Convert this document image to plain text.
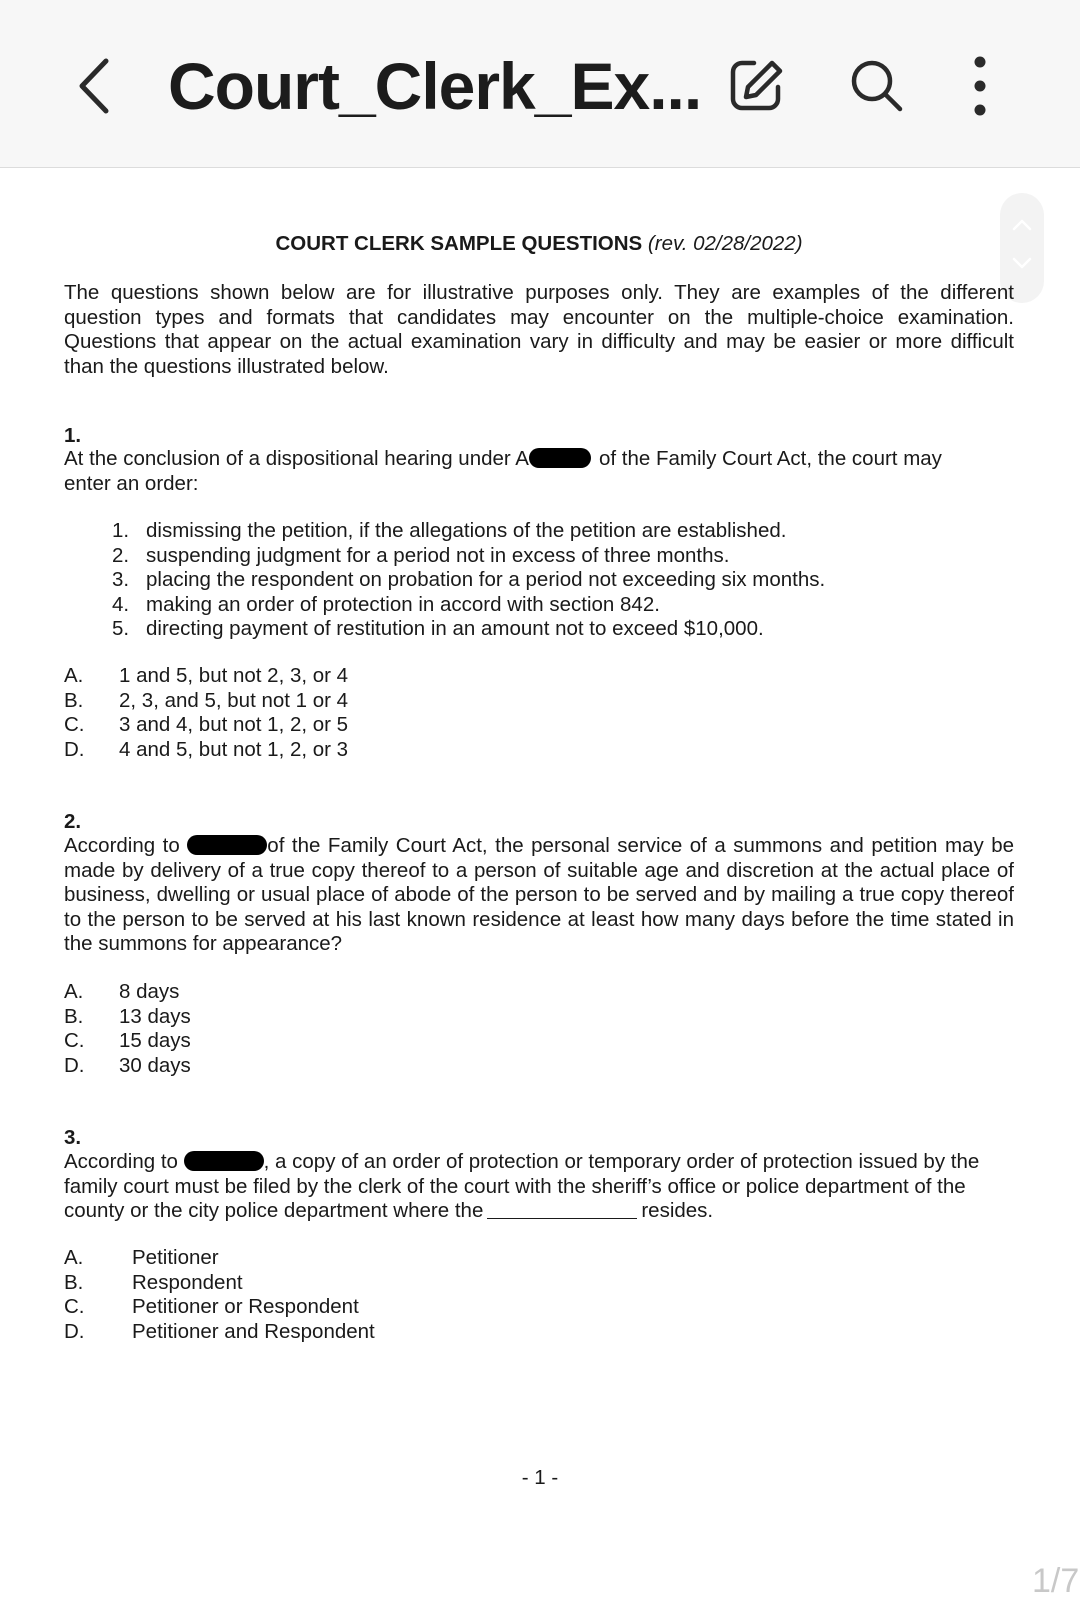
Court_Clerk_Ex...
COURT CLERK SAMPLE QUESTIONS (rev. 02/28/2022)
The questions shown below are for illustrative purposes only. They are examples of the different question types and formats that candidates may encounter on the multiple-choice examination. Questions that appear on the actual examination vary in difficulty and may be easier or more difficult than the questions illustrated below.
1.
At the conclusion of a dispositional hearing under A	of the Family Court Act, the court may enter an order:
1. dismissing the petition, if the allegations of the petition are established.
2. suspending judgment for a period not in excess of three months.
3. placing the respondent on probation for a period not exceeding six months.
4. making an order of protection in accord with section 842.
5. directing payment of restitution in an amount not to exceed $10,000.
A. 1 and 5, but not 2, 3, or 4
B. 2, 3, and 5, but not 1 or 4
C. 3 and 4, but not 1, 2, or 5
D. 4 and 5, but not 1, 2, or 3
2.
According to	of the Family Court Act, the personal service of a summons and petition may be made by delivery of a true copy thereof to a person of suitable age and discretion at the actual place of business, dwelling or usual place of abode of the person to be served and by mailing a true copy thereof to the person to be served at his last known residence at least how many days before the time stated in the summons for appearance?
A. 8 days
B. 13 days
C. 15 days
D. 30 days
3.
According to	, a copy of an order of protection or temporary order of protection issued by the family court must be filed by the clerk of the court with the sheriff’s office or police department of the county or the city police department where the	resides.
A. Petitioner
B. Respondent
C. Petitioner or Respondent
D. Petitioner and Respondent
- 1 -
1/7
